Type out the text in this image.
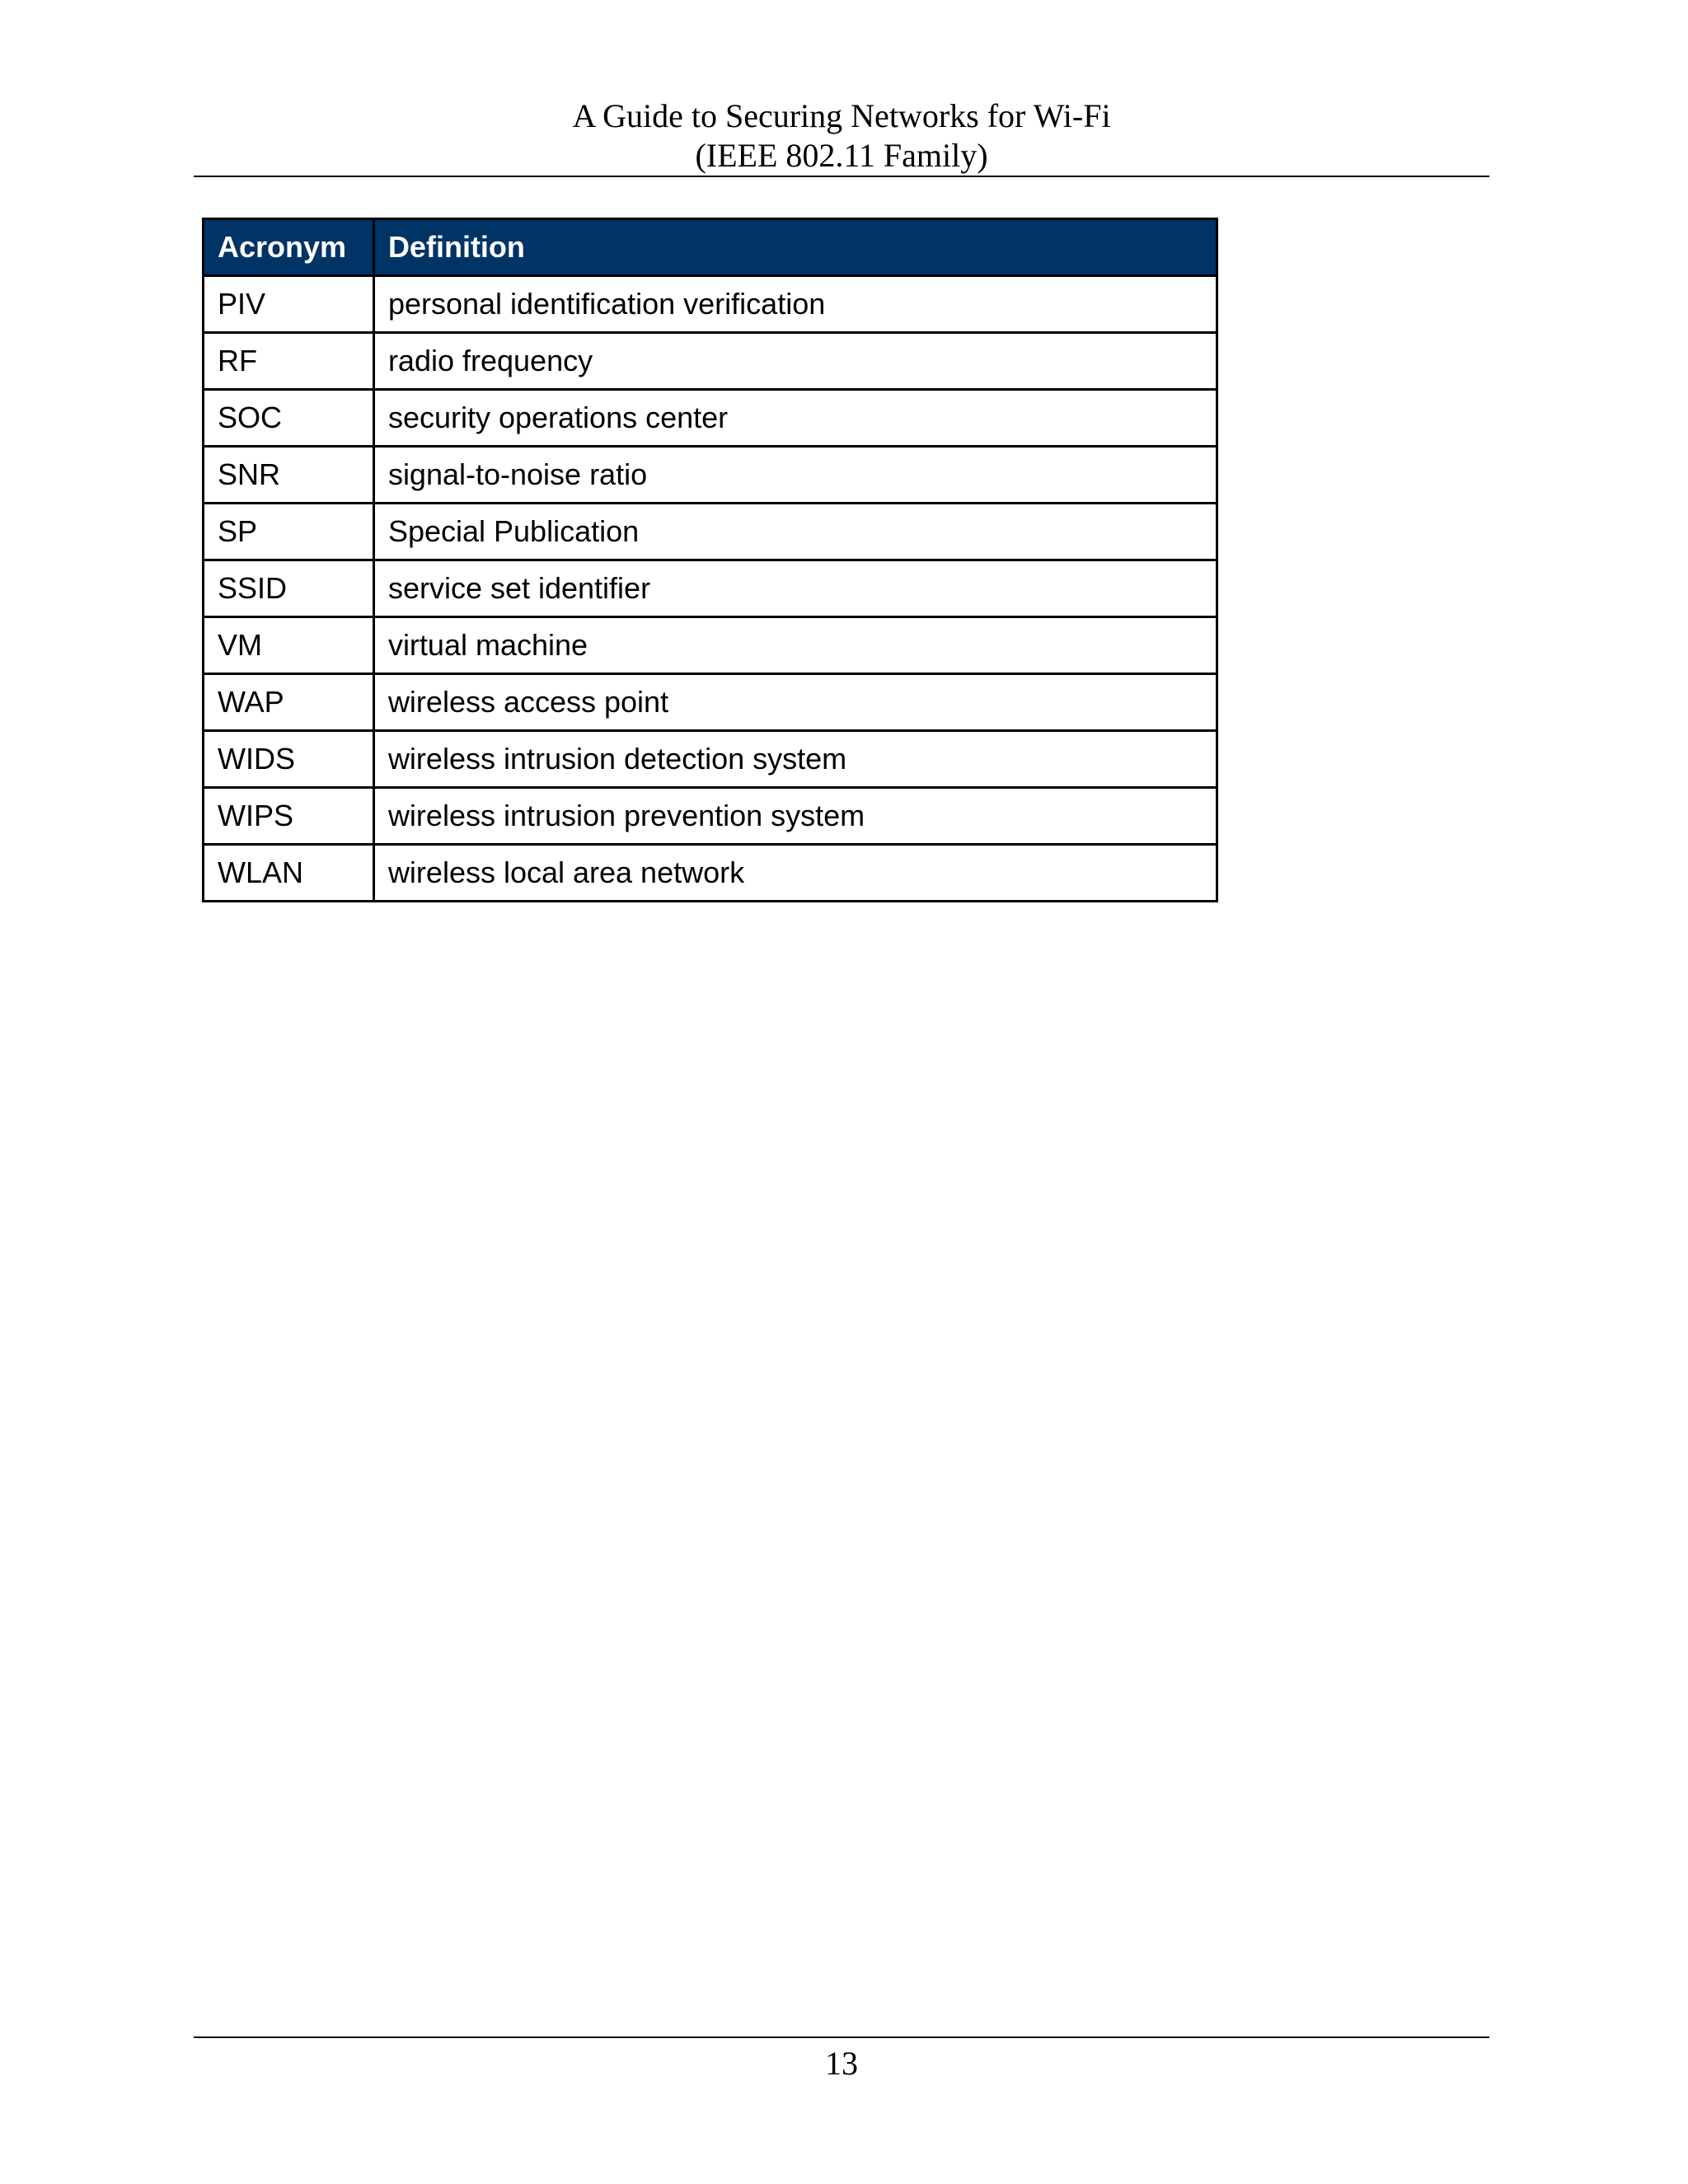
A Guide to Securing Networks for Wi-Fi
(IEEE 802.11 Family)
Acronym	Definition
PIV	personal identification verification
RF	radio frequency
SOC	security operations center
SNR	signal-to-noise ratio
SP	Special Publication
SSID	service set identifier
VM	virtual machine
WAP	wireless access point
WIDS	wireless intrusion detection system
WIPS	wireless intrusion prevention system
WLAN	wireless local area network
13
